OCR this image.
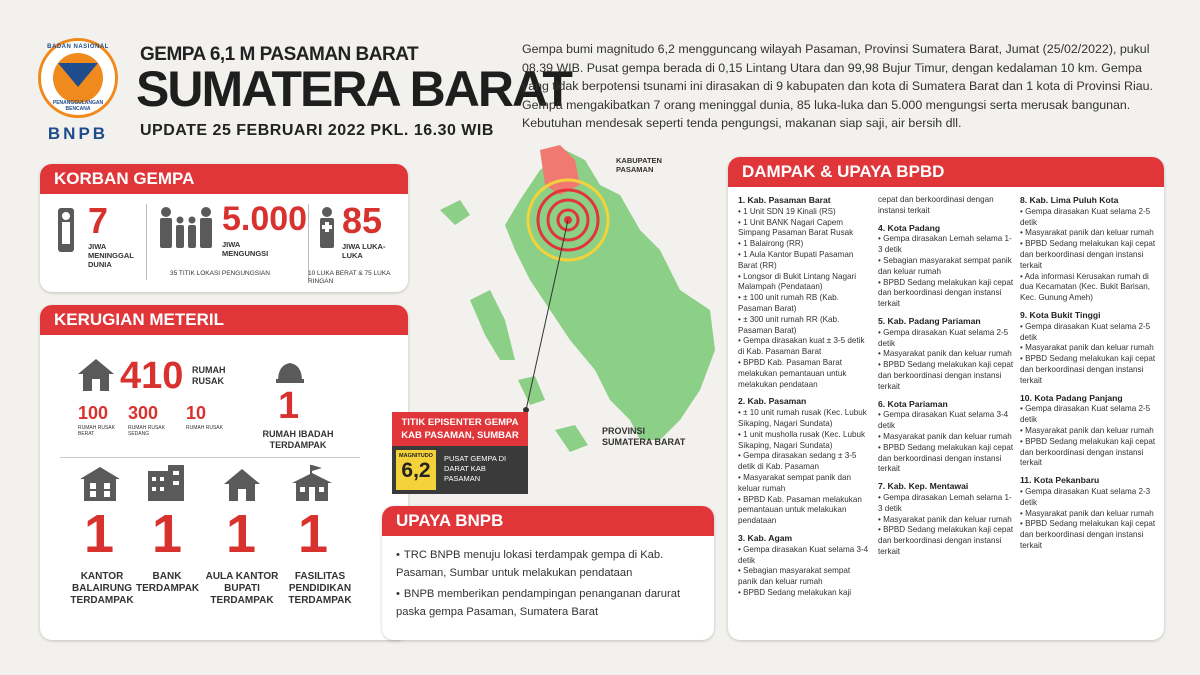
BADAN NASIONAL
PENANGGULANGAN BENCANA
BNPB
GEMPA 6,1 M PASAMAN BARAT
SUMATERA BARAT
UPDATE 25 FEBRUARI 2022 PKL. 16.30 WIB
Gempa bumi magnitudo 6,2 mengguncang wilayah Pasaman, Provinsi Sumatera Barat, Jumat (25/02/2022), pukul 08.39 WIB. Pusat gempa berada di 0,15 Lintang Utara dan 99,98 Bujur Timur, dengan kedalaman 10 km. Gempa yang tidak berpotensi tsunami ini dirasakan di 9 kabupaten dan kota di Sumatera Barat dan 1 kota di Provinsi Riau. Gempa mengakibatkan 7 orang meninggal dunia, 85 luka-luka dan 5.000 mengungsi serta merusak bangunan. Kebutuhan mendesak seperti tenda pengungsi, makanan siap saji, air bersih dll.
KORBAN GEMPA
7
JIWA MENINGGAL DUNIA
5.000
JIWA MENGUNGSI
35 TITIK LOKASI PENGUNGSIAN
85
JIWA LUKA-LUKA
10 LUKA BERAT & 75 LUKA RINGAN
KERUGIAN METERIL
410 RUMAH RUSAK
100
RUMAH RUSAK BERAT
300
RUMAH RUSAK SEDANG
10
RUMAH RUSAK
1
RUMAH IBADAH TERDAMPAK
1
KANTOR BALAIRUNG TERDAMPAK
1
BANK TERDAMPAK
1
AULA KANTOR BUPATI TERDAMPAK
1
FASILITAS PENDIDIKAN TERDAMPAK
KABUPATEN PASAMAN
PROVINSI SUMATERA BARAT
TITIK EPISENTER GEMPA KAB PASAMAN, SUMBAR
MAGNITUDO
6,2
PUSAT GEMPA DI DARAT KAB PASAMAN
UPAYA BNPB
• TRC BNPB menuju lokasi terdampak gempa di Kab. Pasaman, Sumbar untuk melakukan pendataan
• BNPB memberikan pendampingan penanganan darurat paska gempa Pasaman, Sumatera Barat
DAMPAK & UPAYA BPBD
1. Kab. Pasaman Barat

• 1 Unit SDN 19 Kinali (RS)
• 1 Unit BANK Nagari Capem Simpang Pasaman Barat Rusak
• 1 Balairong (RR)
• 1 Aula Kantor Bupati Pasaman Barat (RR)
• Longsor di Bukit Lintang Nagari Malampah (Pendataan)
• ± 100 unit rumah RB (Kab. Pasaman Barat)
• ± 300 unit rumah RR (Kab. Pasaman Barat)
• Gempa dirasakan kuat ± 3-5 detik di Kab. Pasaman Barat
• BPBD Kab. Pasaman Barat melakukan pemantauan untuk melakukan pendataan
2. Kab. Pasaman

• ± 10 unit rumah rusak (Kec. Lubuk Sikaping, Nagari Sundata)
• 1 unit musholla rusak (Kec. Lubuk Sikaping, Nagari Sundata)
• Gempa dirasakan sedang ± 3-5 detik di Kab. Pasaman
• Masyarakat sempat panik dan keluar rumah
• BPBD Kab. Pasaman melakukan pemantauan untuk melakukan pendataan
3. Kab. Agam

• Gempa dirasakan Kuat selama 3-4 detik
• Sebagian masyarakat sempat panik dan keluar rumah
• BPBD Sedang melakukan kaji
cepat dan berkoordinasi dengan instansi terkait
4. Kota Padang

• Gempa dirasakan Lemah selama 1-3 detik
• Sebagian masyarakat sempat panik dan keluar rumah
• BPBD Sedang melakukan kaji cepat dan berkoordinasi dengan instansi terkait
5. Kab. Padang Pariaman

• Gempa dirasakan Kuat selama 2-5 detik
• Masyarakat panik dan keluar rumah
• BPBD Sedang melakukan kaji cepat dan berkoordinasi dengan instansi terkait
6. Kota Pariaman

• Gempa dirasakan Kuat selama 3-4 detik
• Masyarakat panik dan keluar rumah
• BPBD Sedang melakukan kaji cepat dan berkoordinasi dengan instansi terkait
7. Kab. Kep. Mentawai

• Gempa dirasakan Lemah selama 1-3 detik
• Masyarakat panik dan keluar rumah
• BPBD Sedang melakukan kaji cepat dan berkoordinasi dengan instansi terkait
8. Kab. Lima Puluh Kota

• Gempa dirasakan Kuat selama 2-5 detik
• Masyarakat panik dan keluar rumah
• BPBD Sedang melakukan kaji cepat dan berkoordinasi dengan instansi terkait
• Ada informasi Kerusakan rumah di dua Kecamatan (Kec. Bukit Barisan, Kec. Gunung Ameh)
9. Kota Bukit Tinggi

• Gempa dirasakan Kuat selama 2-5 detik
• Masyarakat panik dan keluar rumah
• BPBD Sedang melakukan kaji cepat dan berkoordinasi dengan instansi terkait
10. Kota Padang Panjang

• Gempa dirasakan Kuat selama 2-5 detik
• Masyarakat panik dan keluar rumah
• BPBD Sedang melakukan kaji cepat dan berkoordinasi dengan instansi terkait
11. Kota Pekanbaru

• Gempa dirasakan Kuat selama 2-3 detik
• Masyarakat panik dan keluar rumah
• BPBD Sedang melakukan kaji cepat dan berkoordinasi dengan instansi terkait
